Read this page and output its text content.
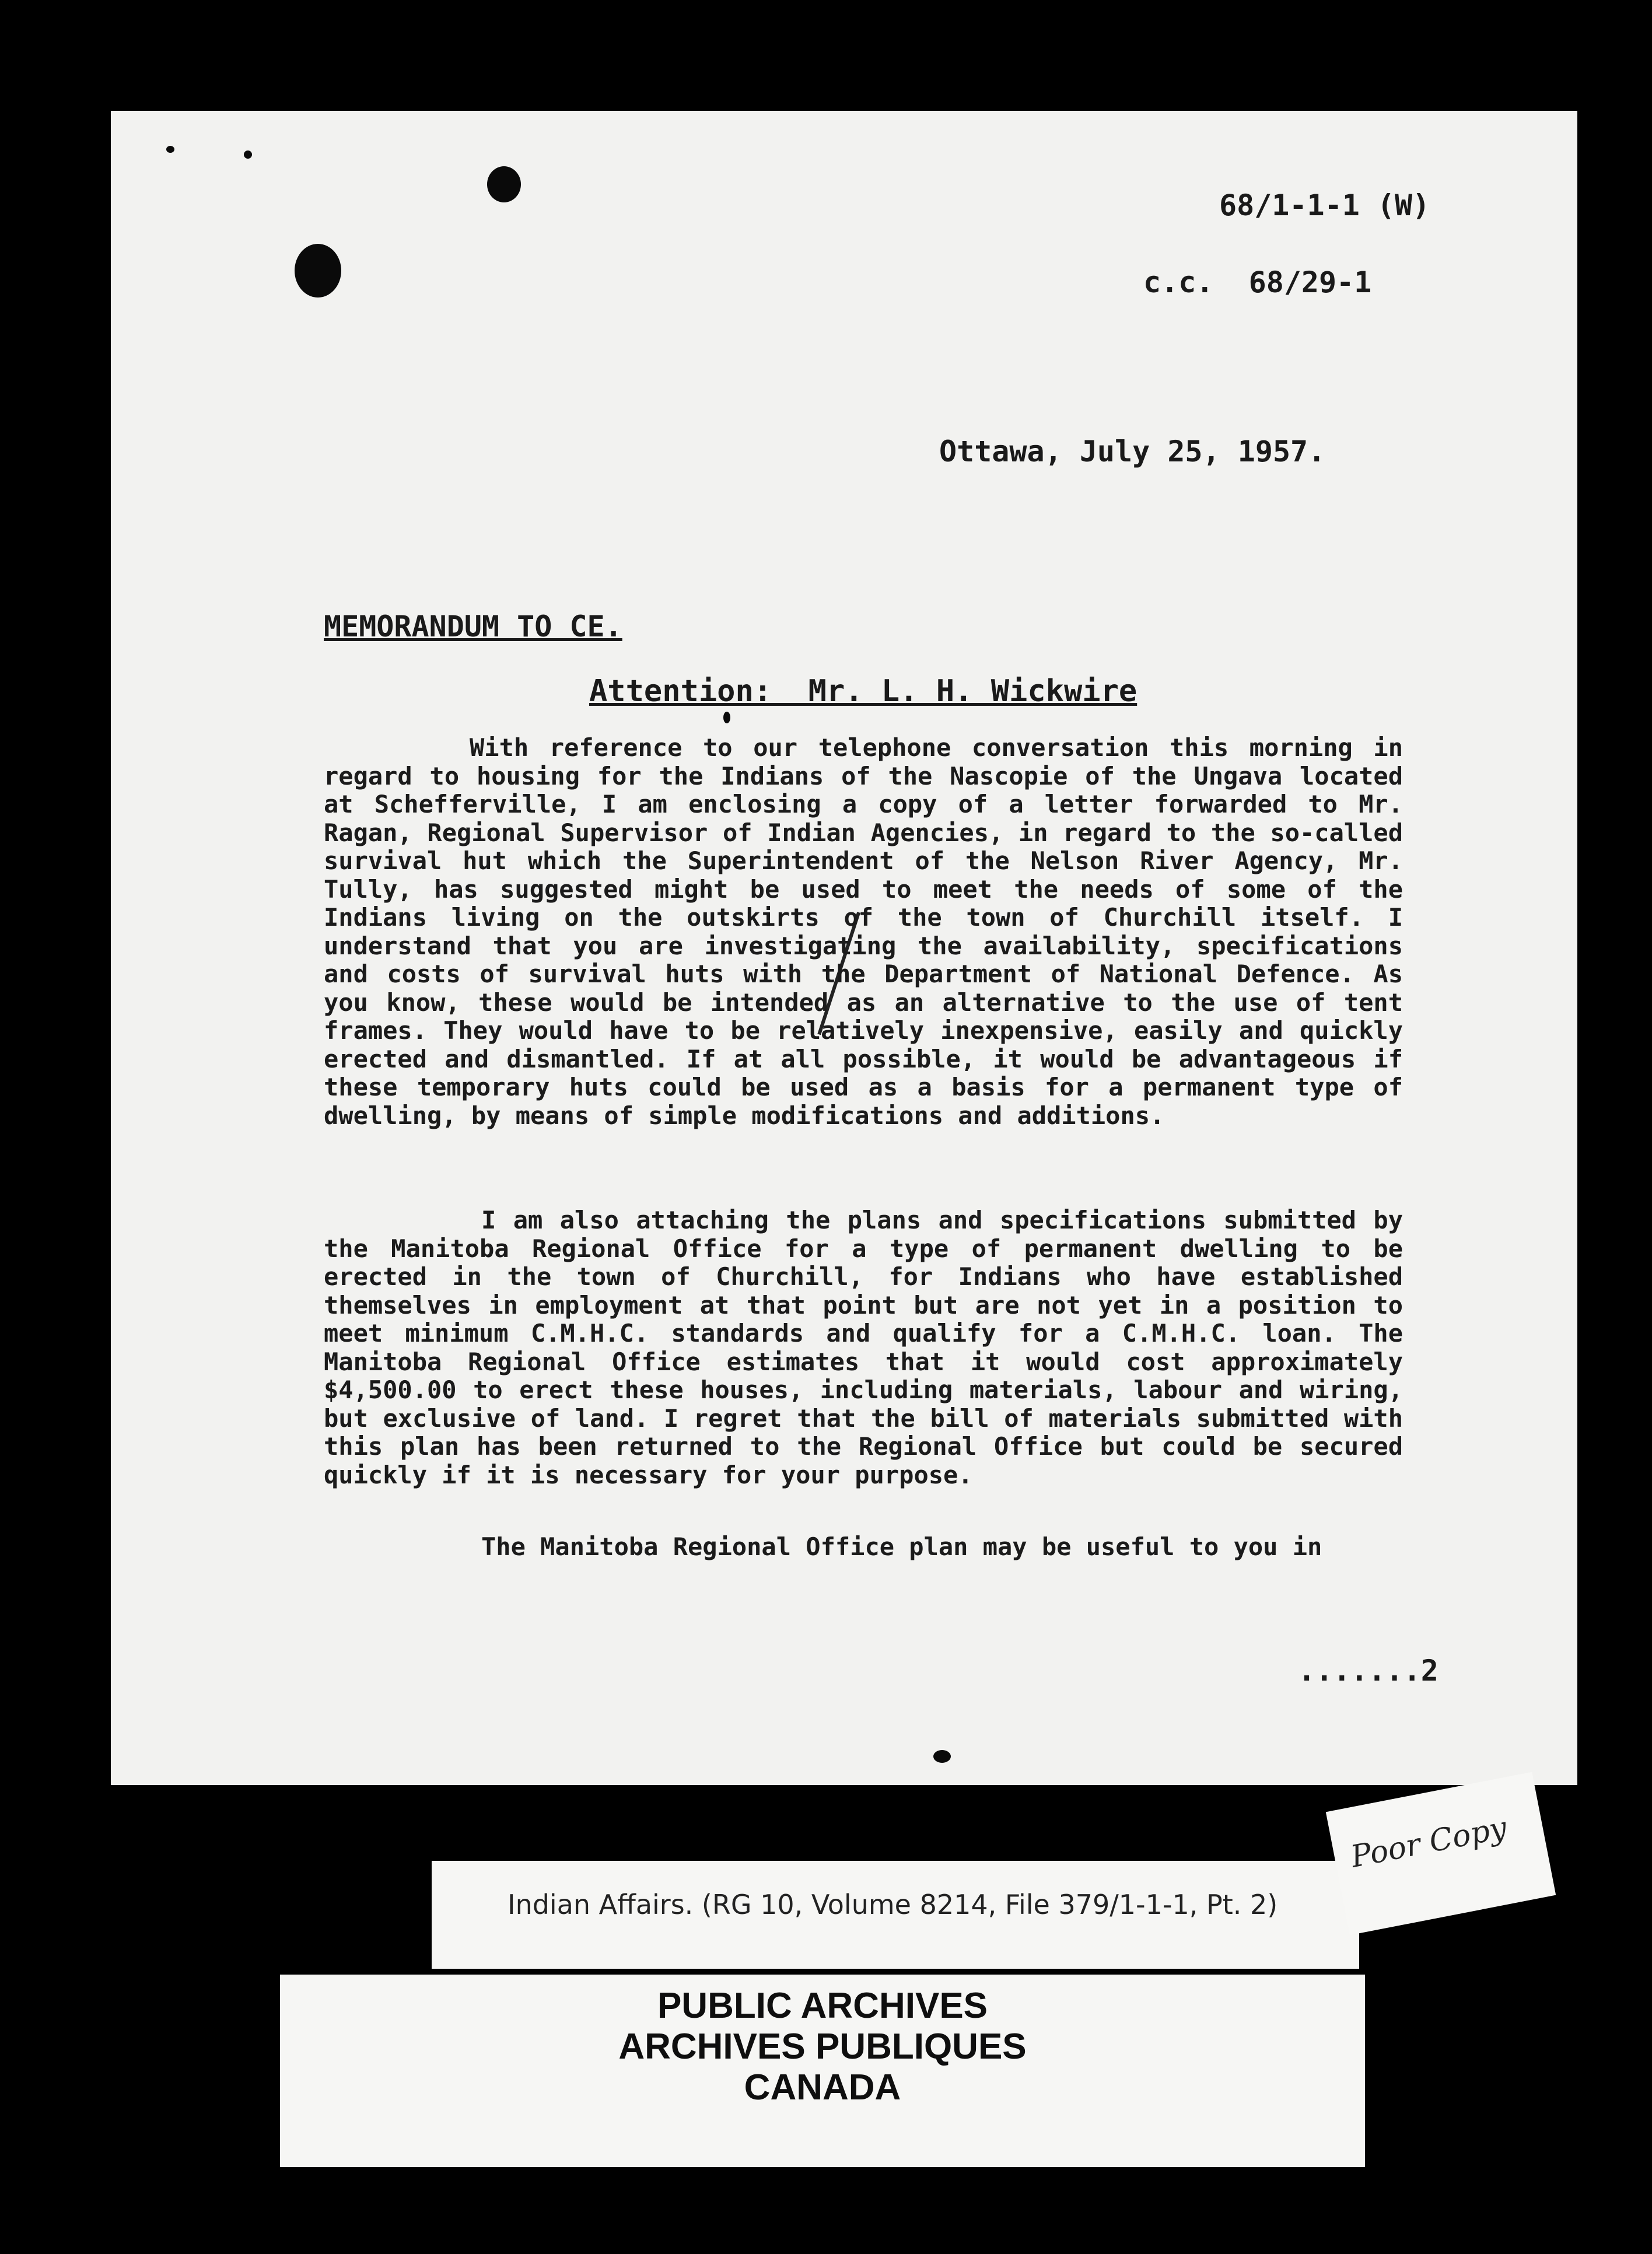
68/1-1-1 (W)
c.c.  68/29-1
Ottawa, July 25, 1957.
MEMORANDUM TO CE.
Attention:  Mr. L. H. Wickwire

With reference to our telephone conversation this morning in regard to housing for the Indians of the Nascopie of the Ungava located at Schefferville, I am enclosing a copy of a letter forwarded to Mr. Ragan, Regional Supervisor of Indian Agencies, in regard to the so-called survival hut which the Superintendent of the Nelson River Agency, Mr. Tully, has suggested might be used to meet the needs of some of the Indians living on the outskirts of the town of Churchill itself. I understand that you are investigating the availability, specifications and costs of survival huts with the Department of National Defence. As you know, these would be intended as an alternative to the use of tent frames. They would have to be relatively inexpensive, easily and quickly erected and dismantled. If at all possible, it would be advantageous if these temporary huts could be used as a basis for a permanent type of dwelling, by means of simple modifications and additions.

I am also attaching the plans and specifications submitted by the Manitoba Regional Office for a type of permanent dwelling to be erected in the town of Churchill, for Indians who have established themselves in employment at that point but are not yet in a position to meet minimum C.M.H.C. standards and qualify for a C.M.H.C. loan. The Manitoba Regional Office estimates that it would cost approximately $4,500.00 to erect these houses, including materials, labour and wiring, but exclusive of land. I regret that the bill of materials submitted with this plan has been returned to the Regional Office but could be secured quickly if it is necessary for your purpose.

The Manitoba Regional Office plan may be useful to you in

.......2
Indian Affairs. (RG 10, Volume 8214, File 379/1-1-1, Pt. 2)
PUBLIC ARCHIVES
ARCHIVES PUBLIQUES
CANADA
Poor Copy
